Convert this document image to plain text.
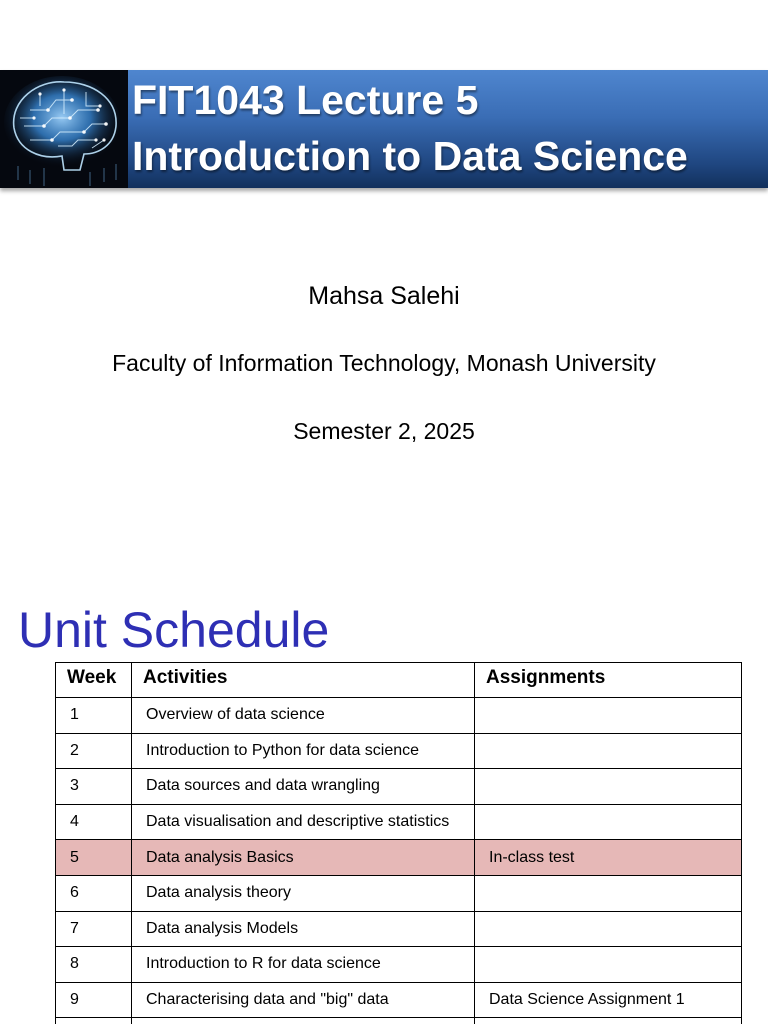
FIT1043 Lecture 5
Introduction to Data Science
Mahsa Salehi
Faculty of Information Technology, Monash University
Semester 2, 2025
Unit Schedule
Week	Activities	Assignments
1	Overview of data science	
2	Introduction to Python for data science	
3	Data sources and data wrangling	
4	Data visualisation and descriptive statistics	
5	Data analysis Basics	In-class test
6	Data analysis theory	
7	Data analysis Models	
8	Introduction to R for data science	
9	Characterising data and "big" data	Data Science Assignment 1
